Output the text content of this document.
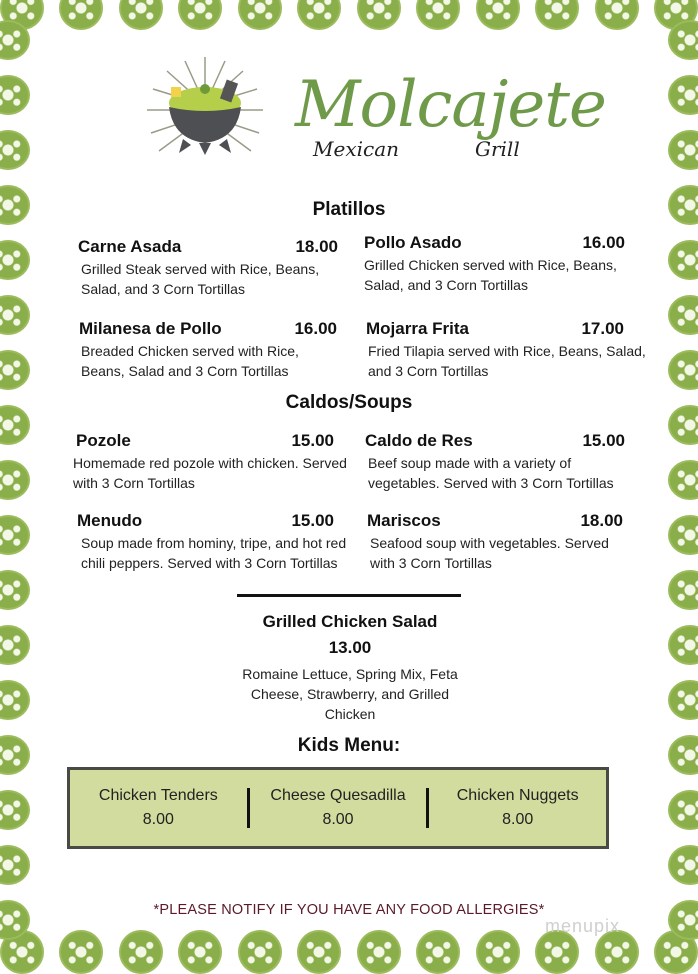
Molcajete
Mexican	Grill
Platillos
Carne Asada	18.00
Grilled Steak served with Rice, Beans, Salad, and 3 Corn Tortillas
Pollo Asado	16.00
Grilled Chicken served with Rice, Beans, Salad, and 3 Corn Tortillas
Milanesa de Pollo	16.00
Breaded Chicken served with Rice, Beans, Salad and 3 Corn Tortillas
Mojarra Frita	17.00
Fried Tilapia served with Rice, Beans, Salad, and 3 Corn Tortillas
Caldos/Soups
Pozole	15.00
Homemade red pozole with chicken. Served with 3 Corn Tortillas
Caldo de Res	15.00
Beef soup made with a variety of vegetables. Served with 3 Corn Tortillas
Menudo	15.00
Soup made from hominy, tripe, and hot red chili peppers. Served with 3 Corn Tortillas
Mariscos	18.00
Seafood soup with vegetables. Served with 3 Corn Tortillas
Grilled Chicken Salad
13.00
Romaine Lettuce, Spring Mix, Feta Cheese, Strawberry, and Grilled Chicken
Kids Menu:
Chicken Tenders
8.00
Cheese Quesadilla
8.00
Chicken Nuggets
8.00
*PLEASE NOTIFY IF YOU HAVE ANY FOOD ALLERGIES*
menupix
